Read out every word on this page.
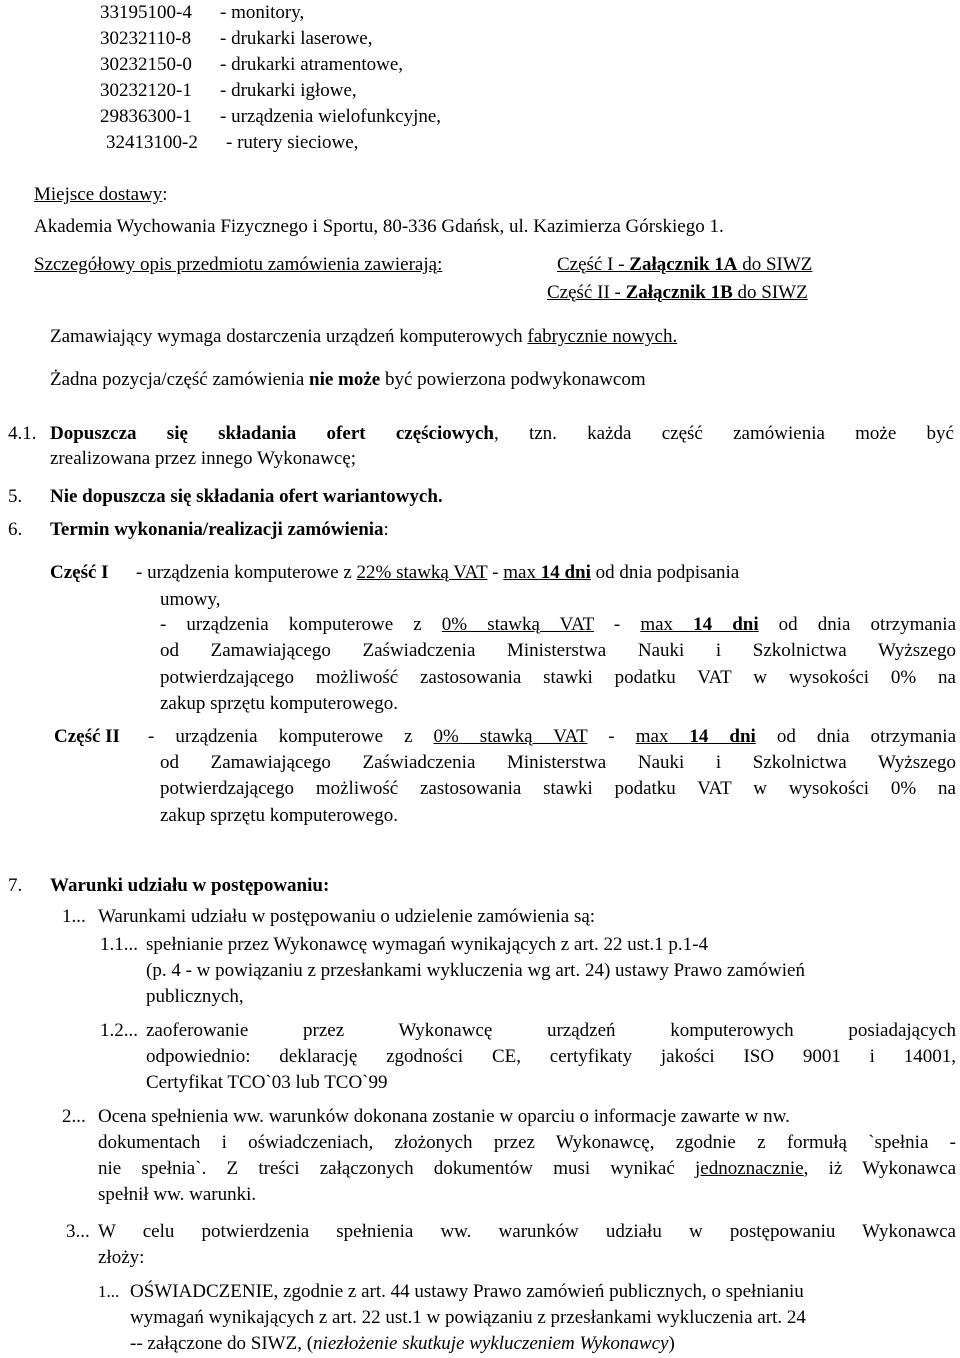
33195100-4 - monitory,
30232110-8 - drukarki laserowe,
30232150-0 - drukarki atramentowe,
30232120-1 - drukarki igłowe,
29836300-1 - urządzenia wielofunkcyjne,
32413100-2 - rutery sieciowe,
Miejsce dostawy:
Akademia Wychowania Fizycznego i Sportu, 80-336 Gdańsk, ul. Kazimierza Górskiego 1.
Szczegółowy opis przedmiotu zamówienia zawierają:	Część I - Załącznik 1A do SIWZ
Część II - Załącznik 1B do SIWZ
Zamawiający wymaga dostarczenia urządzeń komputerowych fabrycznie nowych.
Żadna pozycja/część zamówienia nie może być powierzona podwykonawcom
4.1. Dopuszcza się składania ofert częściowych, tzn. każda część zamówienia może być
zrealizowana przez innego Wykonawcę;
5. Nie dopuszcza się składania ofert wariantowych.
6. Termin wykonania/realizacji zamówienia:
Część I - urządzenia komputerowe z 22% stawką VAT - max 14 dni od dnia podpisania
umowy,
- urządzenia komputerowe z 0% stawką VAT - max 14 dni od dnia otrzymania
od Zamawiającego Zaświadczenia Ministerstwa Nauki i Szkolnictwa Wyższego
potwierdzającego możliwość zastosowania stawki podatku VAT w wysokości 0% na
zakup sprzętu komputerowego.
Część II - urządzenia komputerowe z 0% stawką VAT - max 14 dni od dnia otrzymania
od Zamawiającego Zaświadczenia Ministerstwa Nauki i Szkolnictwa Wyższego
potwierdzającego możliwość zastosowania stawki podatku VAT w wysokości 0% na
zakup sprzętu komputerowego.
7. Warunki udziału w postępowaniu:
1... Warunkami udziału w postępowaniu o udzielenie zamówienia są:
1.1... spełnianie przez Wykonawcę wymagań wynikających z art. 22 ust.1 p.1-4
(p. 4 - w powiązaniu z przesłankami wykluczenia wg art. 24) ustawy Prawo zamówień
publicznych,
1.2... zaoferowanie przez Wykonawcę urządzeń komputerowych posiadających
odpowiednio: deklarację zgodności CE, certyfikaty jakości ISO 9001 i 14001,
Certyfikat TCO`03 lub TCO`99
2... Ocena spełnienia ww. warunków dokonana zostanie w oparciu o informacje zawarte w nw.
dokumentach i oświadczeniach, złożonych przez Wykonawcę, zgodnie z formułą `spełnia -
nie spełnia`. Z treści załączonych dokumentów musi wynikać jednoznacznie, iż Wykonawca
spełnił ww. warunki.
3... W celu potwierdzenia spełnienia ww. warunków udziału w postępowaniu Wykonawca
złoży:
1... OŚWIADCZENIE, zgodnie z art. 44 ustawy Prawo zamówień publicznych, o spełnianiu
wymagań wynikających z art. 22 ust.1 w powiązaniu z przesłankami wykluczenia art. 24
-- załączone do SIWZ, (niezłożenie skutkuje wykluczeniem Wykonawcy)
